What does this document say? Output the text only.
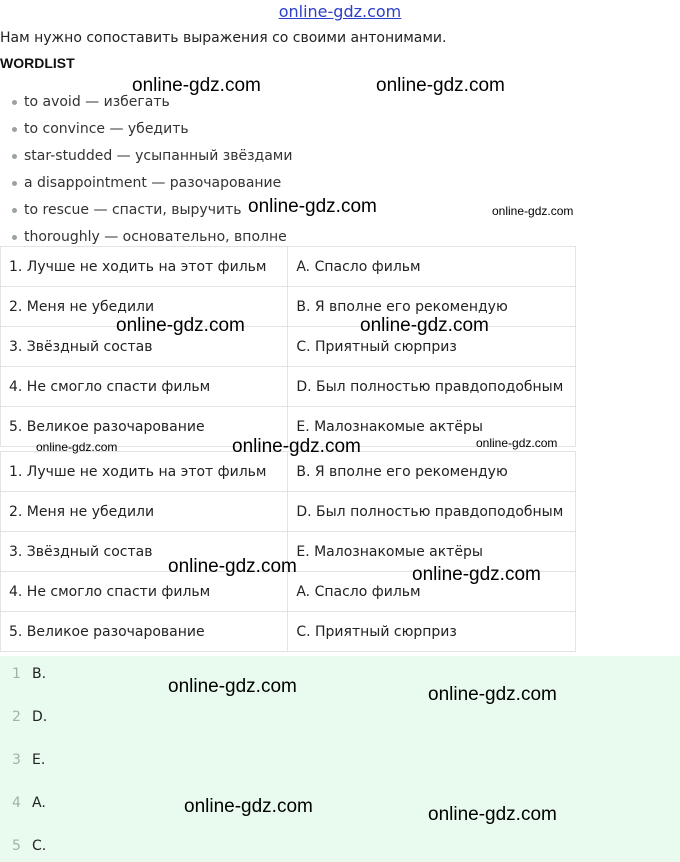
online-gdz.com
Нам нужно сопоставить выражения со своими антонимами.
WORDLIST
to avoid — избегать
to convince — убедить
star-studded — усыпанный звёздами
a disappointment — разочарование
to rescue — спасти, выручить
thoroughly — основательно, вполне
1. Лучше не ходить на этот фильм	A. Спасло фильм
2. Меня не убедили	B. Я вполне его рекомендую
3. Звёздный состав	C. Приятный сюрприз
4. Не смогло спасти фильм	D. Был полностью правдоподобным
5. Великое разочарование	E. Малознакомые актёры
1. Лучше не ходить на этот фильм	B. Я вполне его рекомендую
2. Меня не убедили	D. Был полностью правдоподобным
3. Звёздный состав	E. Малознакомые актёры
4. Не смогло спасти фильм	A. Спасло фильм
5. Великое разочарование	C. Приятный сюрприз
1 B.
2 D.
3 E.
4 A.
5 C.
online-gdz.com	online-gdz.com
online-gdz.com	online-gdz.com
online-gdz.com	online-gdz.com
online-gdz.com	online-gdz.com	online-gdz.com
online-gdz.com	online-gdz.com
online-gdz.com	online-gdz.com
online-gdz.com	online-gdz.com
